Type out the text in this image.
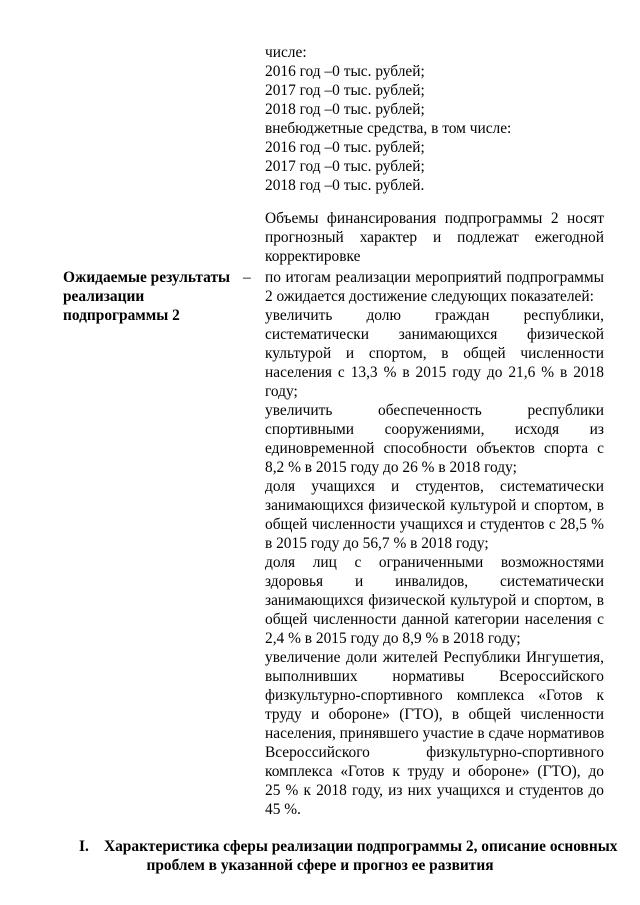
числе:
2016 год –0 тыс. рублей;
2017 год –0 тыс. рублей;
2018 год –0 тыс. рублей;
внебюджетные средства, в том числе:
2016 год –0 тыс. рублей;
2017 год –0 тыс. рублей;
2018 год –0 тыс. рублей.
Объемы финансирования подпрограммы 2 носят
прогнозный характер и подлежат ежегодной
корректировке
Ожидаемые результаты
реализации
подпрограммы 2
– по итогам реализации мероприятий подпрограммы
2 ожидается достижение следующих показателей:
увеличить долю граждан республики,
систематически занимающихся физической
культурой и спортом, в общей численности
населения с 13,3 % в 2015 году до 21,6 % в 2018
году;
увеличить обеспеченность республики
спортивными сооружениями, исходя из
единовременной способности объектов спорта с
8,2 % в 2015 году до 26 % в 2018 году;
доля учащихся и студентов, систематически
занимающихся физической культурой и спортом, в
общей численности учащихся и студентов с 28,5 %
в 2015 году до 56,7 % в 2018 году;
доля лиц с ограниченными возможностями
здоровья и инвалидов, систематически
занимающихся физической культурой и спортом, в
общей численности данной категории населения с
2,4 % в 2015 году до 8,9 % в 2018 году;
увеличение доли жителей Республики Ингушетия,
выполнивших нормативы Всероссийского
физкультурно-спортивного комплекса «Готов к
труду и обороне» (ГТО), в общей численности
населения, принявшего участие в сдаче нормативов
Всероссийского физкультурно-спортивного
комплекса «Готов к труду и обороне» (ГТО), до
25 % к 2018 году, из них учащихся и студентов до
45 %.
I. Характеристика сферы реализации подпрограммы 2, описание основных
проблем в указанной сфере и прогноз ее развития
